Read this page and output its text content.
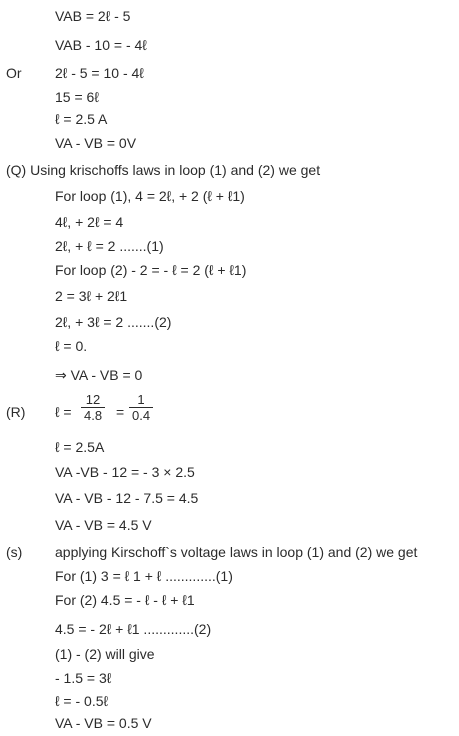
VAB = 2ℓ - 5
VAB - 10 = - 4ℓ
Or 2ℓ - 5 = 10 - 4ℓ
15 = 6ℓ
ℓ = 2.5 A
VA - VB = 0V
(Q) Using krischoffs laws in loop (1) and (2) we get
For loop (1), 4 = 2ℓ, + 2 (ℓ + ℓ1)
4ℓ, + 2ℓ = 4
2ℓ, + ℓ = 2 .......(1)
For loop (2) - 2 = - ℓ = 2 (ℓ + ℓ1)
2 = 3ℓ + 2ℓ1
2ℓ, + 3ℓ = 2 .......(2)
ℓ = 0.
⇒ VA - VB = 0
(R) ℓ = $\frac{12}{4.8} = \frac{1}{0.4}$
ℓ = 2.5A
VA -VB - 12 = - 3 × 2.5
VA - VB - 12 - 7.5 = 4.5
VA - VB = 4.5 V
(s) applying Kirschoff`s voltage laws in loop (1) and (2) we get
For (1) 3 = ℓ 1 + ℓ .............(1)
For (2) 4.5 = - ℓ - ℓ + ℓ1
4.5 = - 2ℓ + ℓ1 .............(2)
(1) - (2) will give
- 1.5 = 3ℓ
ℓ = - 0.5ℓ
VA - VB = 0.5 V
